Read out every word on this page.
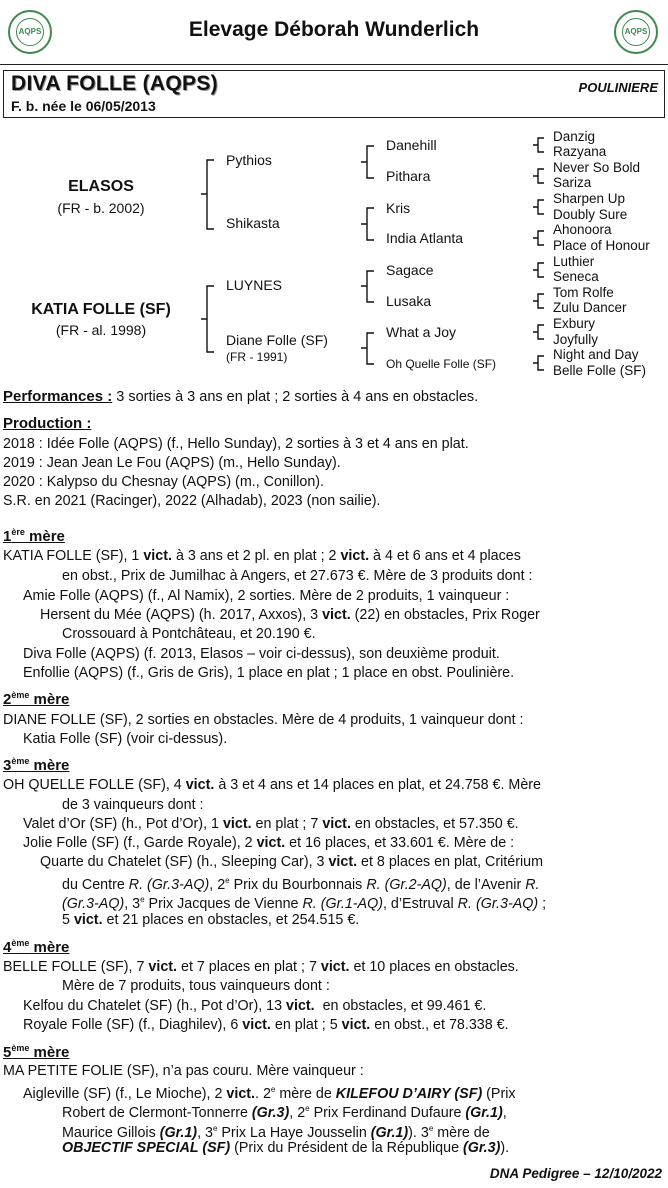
AQPS	AQPS
Elevage Déborah Wunderlich
DIVA FOLLE (AQPS)
F. b. née le 06/05/2013
POULINIERE
ELASOS
(FR - b. 2002)
KATIA FOLLE (SF)
(FR - al. 1998)
Pythios
Shikasta
LUYNES
Diane Folle (SF)
(FR - 1991)
Danehill
Pithara
Kris
India Atlanta
Sagace
Lusaka
What a Joy
Oh Quelle Folle (SF)
Danzig
Razyana
Never So Bold
Sariza
Sharpen Up
Doubly Sure
Ahonoora
Place of Honour
Luthier
Seneca
Tom Rolfe
Zulu Dancer
Exbury
Joyfully
Night and Day
Belle Folle (SF)
Performances : 3 sorties à 3 ans en plat ; 2 sorties à 4 ans en obstacles.
Production :
2018 : Idée Folle (AQPS) (f., Hello Sunday), 2 sorties à 3 et 4 ans en plat.
2019 : Jean Jean Le Fou (AQPS) (m., Hello Sunday).
2020 : Kalypso du Chesnay (AQPS) (m., Conillon).
S.R. en 2021 (Racinger), 2022 (Alhadab), 2023 (non sailie).
1ère mère
KATIA FOLLE (SF), 1 vict. à 3 ans et 2 pl. en plat ; 2 vict. à 4 et 6 ans et 4 places
en obst., Prix de Jumilhac à Angers, et 27.673 €. Mère de 3 produits dont :
Amie Folle (AQPS) (f., Al Namix), 2 sorties. Mère de 2 produits, 1 vainqueur :
Hersent du Mée (AQPS) (h. 2017, Axxos), 3 vict. (22) en obstacles, Prix Roger
Crossouard à Pontchâteau, et 20.190 €.
Diva Folle (AQPS) (f. 2013, Elasos – voir ci-dessus), son deuxième produit.
Enfollie (AQPS) (f., Gris de Gris), 1 place en plat ; 1 place en obst. Poulinière.
2ème mère
DIANE FOLLE (SF), 2 sorties en obstacles. Mère de 4 produits, 1 vainqueur dont :
Katia Folle (SF) (voir ci-dessus).
3ème mère
OH QUELLE FOLLE (SF), 4 vict. à 3 et 4 ans et 14 places en plat, et 24.758 €. Mère
de 3 vainqueurs dont :
Valet d’Or (SF) (h., Pot d’Or), 1 vict. en plat ; 7 vict. en obstacles, et 57.350 €.
Jolie Folle (SF) (f., Garde Royale), 2 vict. et 16 places, et 33.601 €. Mère de :
Quarte du Chatelet (SF) (h., Sleeping Car), 3 vict. et 8 places en plat, Critérium
du Centre R. (Gr.3-AQ), 2e Prix du Bourbonnais R. (Gr.2-AQ), de l’Avenir R.
(Gr.3-AQ), 3e Prix Jacques de Vienne R. (Gr.1-AQ), d’Estruval R. (Gr.3-AQ) ;
5 vict. et 21 places en obstacles, et 254.515 €.
4ème mère
BELLE FOLLE (SF), 7 vict. et 7 places en plat ; 7 vict. et 10 places en obstacles.
Mère de 7 produits, tous vainqueurs dont :
Kelfou du Chatelet (SF) (h., Pot d’Or), 13 vict.  en obstacles, et 99.461 €.
Royale Folle (SF) (f., Diaghilev), 6 vict. en plat ; 5 vict. en obst., et 78.338 €.
5ème mère
MA PETITE FOLIE (SF), n’a pas couru. Mère vainqueur :
Aigleville (SF) (f., Le Mioche), 2 vict.. 2e mère de KILEFOU D’AIRY (SF) (Prix
Robert de Clermont-Tonnerre (Gr.3), 2e Prix Ferdinand Dufaure (Gr.1),
Maurice Gillois (Gr.1), 3e Prix La Haye Jousselin (Gr.1)). 3e mère de
OBJECTIF SPECIAL (SF) (Prix du Président de la République (Gr.3)).
DNA Pedigree – 12/10/2022
